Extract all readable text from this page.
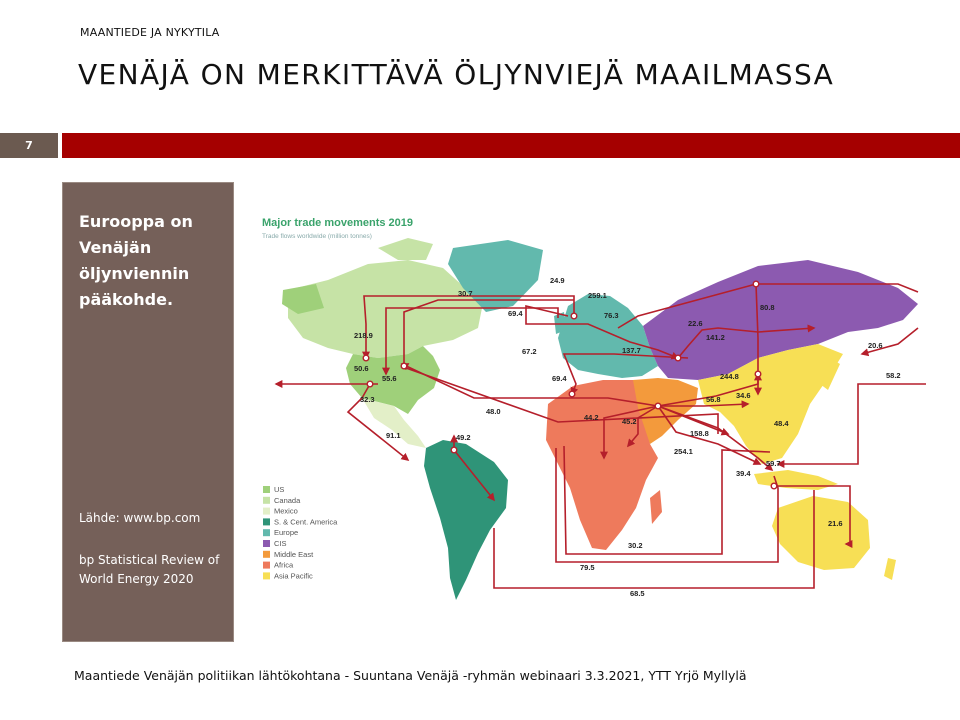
MAANTIEDE JA NYKYTILA
VENÄJÄ ON MERKITTÄVÄ ÖLJYNVIEJÄ MAAILMASSA
7
Eurooppa on Venäjän öljynviennin pääkohde.
Lähde: www.bp.com
bp Statistical Review of World Energy 2020
Major trade movements 2019
Trade flows worldwide (million tonnes)
24.9
259.1
30.7
69.4	76.3
80.8
22.6
141.2
20.6
218.9
67.2	137.7
58.2
50.6
55.6	69.4	244.8
32.3	34.6
56.8
48.0
44.2	45.2	48.4
158.8
91.1	49.2
254.1
59.7
39.4
21.6
30.2
79.5
68.5
US
Canada
Mexico
S. & Cent. America
Europe
CIS
Middle East
Africa
Asia Pacific
Maantiede Venäjän politiikan lähtökohtana - Suuntana Venäjä -ryhmän webinaari 3.3.2021, YTT Yrjö Myllylä
